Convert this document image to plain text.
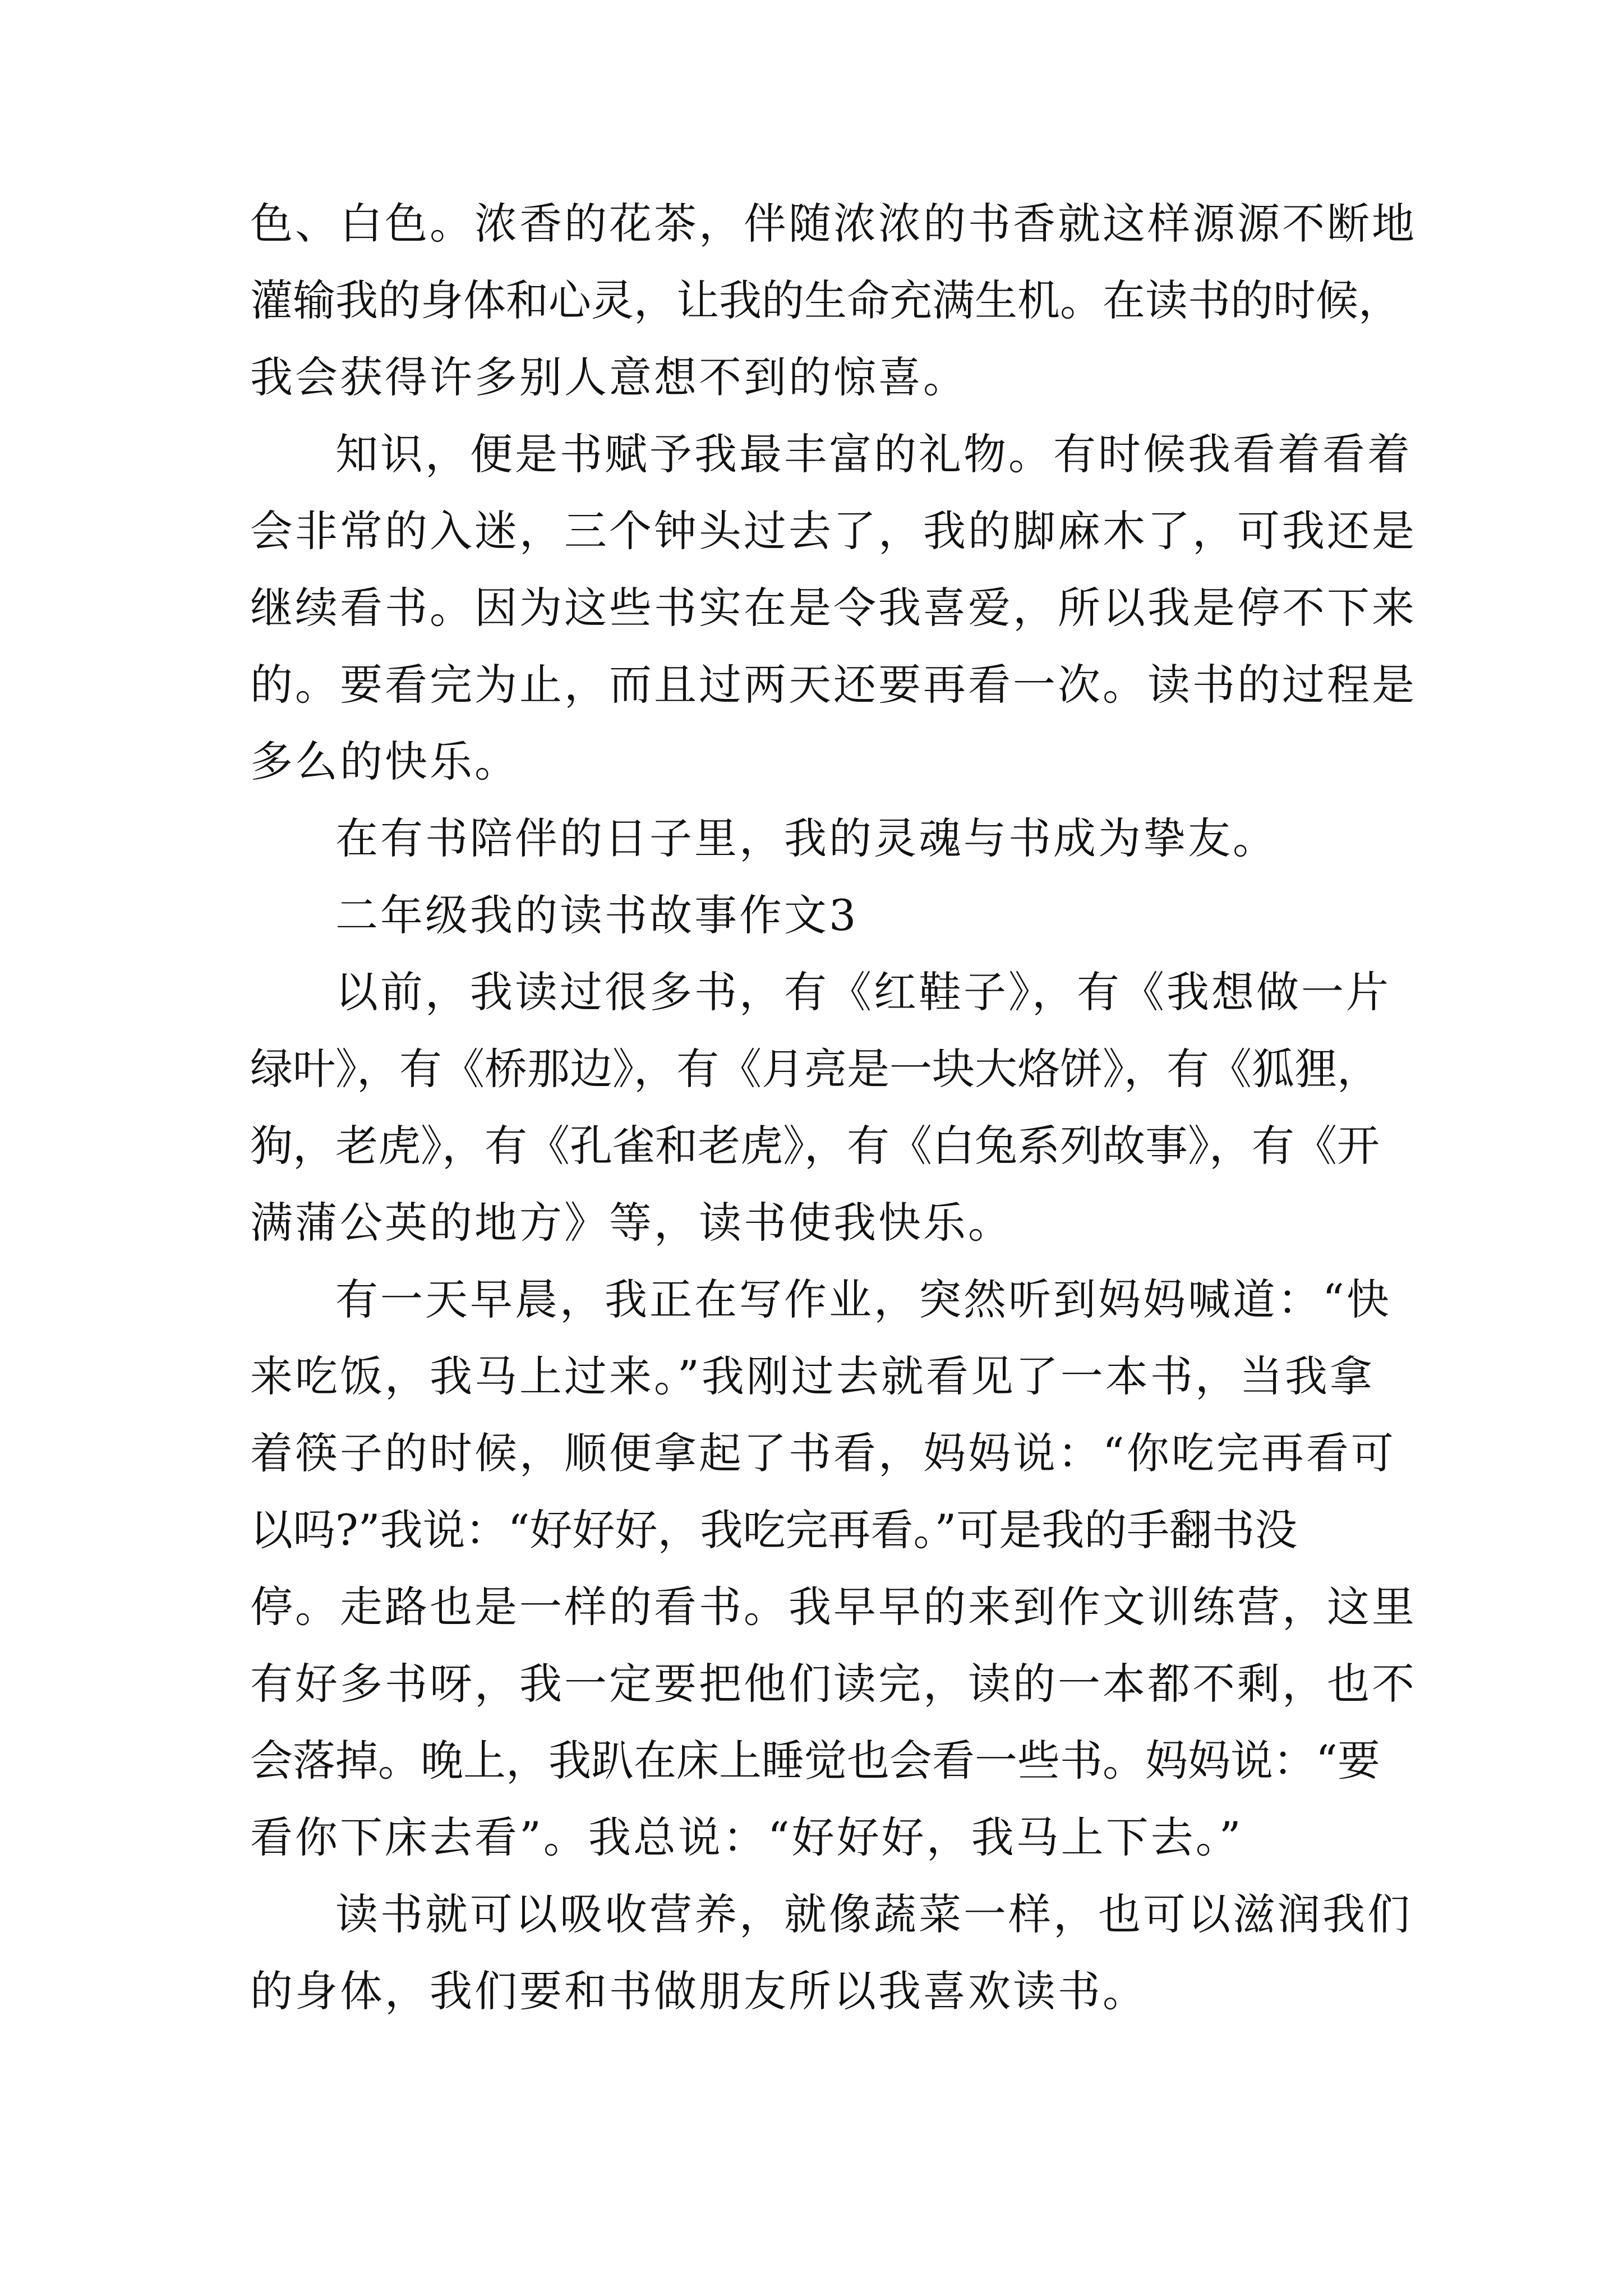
色、白色。浓香的花茶，伴随浓浓的书香就这样源源不断地
灌输我的身体和心灵，让我的生命充满生机。在读书的时候，
我会获得许多别人意想不到的惊喜。
知识，便是书赋予我最丰富的礼物。有时候我看着看着
会非常的入迷，三个钟头过去了，我的脚麻木了，可我还是
继续看书。因为这些书实在是令我喜爱，所以我是停不下来
的。要看完为止，而且过两天还要再看一次。读书的过程是
多么的快乐。
在有书陪伴的日子里，我的灵魂与书成为挚友。
二年级我的读书故事作文3
以前，我读过很多书，有《红鞋子》，有《我想做一片
绿叶》，有《桥那边》，有《月亮是一块大烙饼》，有《狐狸，
狗，老虎》，有《孔雀和老虎》，有《白兔系列故事》，有《开
满蒲公英的地方》等，读书使我快乐。
有一天早晨，我正在写作业，突然听到妈妈喊道：“快
来吃饭，我马上过来。”我刚过去就看见了一本书，当我拿
着筷子的时候，顺便拿起了书看，妈妈说：“你吃完再看可
以吗?”我说：“好好好，我吃完再看。”可是我的手翻书没
停。走路也是一样的看书。我早早的来到作文训练营，这里
有好多书呀，我一定要把他们读完，读的一本都不剩，也不
会落掉。晚上，我趴在床上睡觉也会看一些书。妈妈说：“要
看你下床去看”。我总说：“好好好，我马上下去。”
读书就可以吸收营养，就像蔬菜一样，也可以滋润我们
的身体，我们要和书做朋友所以我喜欢读书。
